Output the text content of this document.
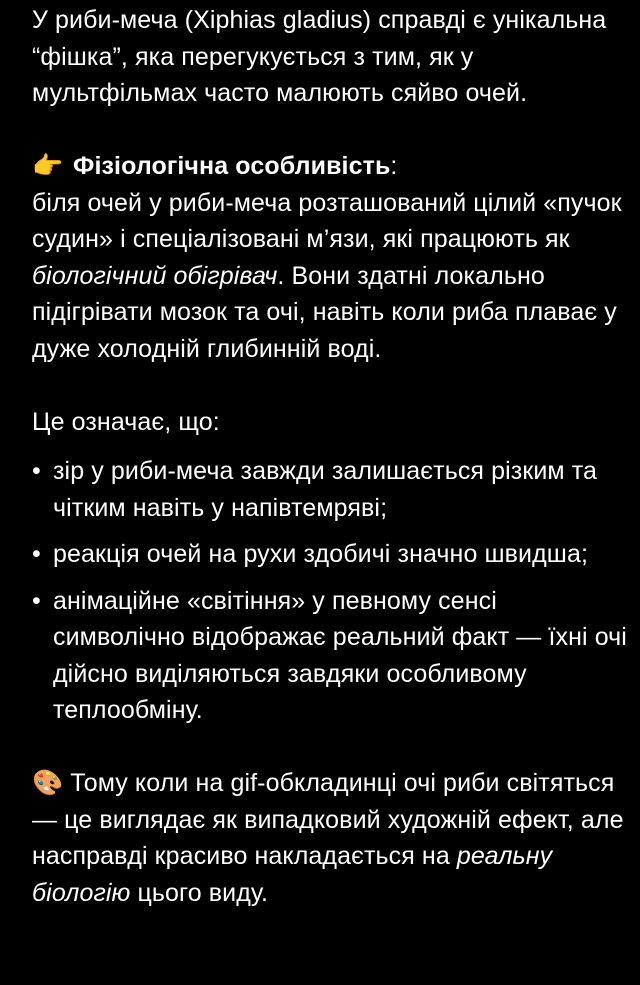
У риби-меча (Xiphias gladius) справді є унікальна “фішка”, яка перегукується з тим, як у мультфільмах часто малюють сяйво очей.

👉 Фізіологічна особливість:

біля очей у риби-меча розташований цілий «пучок судин» і спеціалізовані м’язи, які працюють як біологічний обігрівач. Вони здатні локально підігрівати мозок та очі, навіть коли риба плаває у дуже холодній глибинній воді.

Це означає, що:

• зір у риби-меча завжди залишається різким та чітким навіть у напівтемряві;
• реакція очей на рухи здобичі значно швидша;
• анімаційне «світіння» у певному сенсі символічно відображає реальний факт — їхні очі дійсно виділяються завдяки особливому теплообміну.

🎨 Тому коли на gif-обкладинці очі риби світяться — це виглядає як випадковий художній ефект, але насправді красиво накладається на реальну біологію цього виду.
